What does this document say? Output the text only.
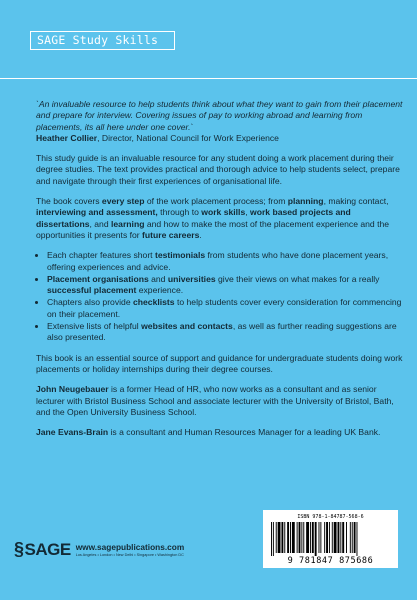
SAGE Study Skills
`An invaluable resource to help students think about what they want to gain from their placement and prepare for interview. Covering issues of pay to working abroad and learning from placements, its all here under one cover.`
Heather Collier, Director, National Council for Work Experience

This study guide is an invaluable resource for any student doing a work placement during their degree studies. The text provides practical and thorough advice to help students select, prepare and navigate through their first experiences of organisational life.

The book covers every step of the work placement process; from planning, making contact, interviewing and assessment, through to work skills, work based projects and dissertations, and learning and how to make the most of the placement experience and the opportunities it presents for future careers.

• Each chapter features short testimonials from students who have done placement years, offering experiences and advice.
• Placement organisations and universities give their views on what makes for a really successful placement experience.
• Chapters also provide checklists to help students cover every consideration for commencing on their placement.
• Extensive lists of helpful websites and contacts, as well as further reading suggestions are also presented.

This book is an essential source of support and guidance for undergraduate students doing work placements or holiday internships during their degree courses.

John Neugebauer is a former Head of HR, who now works as a consultant and as senior lecturer with Bristol Business School and associate lecturer with the University of Bristol, Bath, and the Open University Business School.

Jane Evans-Brain is a consultant and Human Resources Manager for a leading UK Bank.

§ SAGE www.sagepublications.com
Los Angeles • London • New Delhi • Singapore • Washington DC
ISBN 978-1-84787-568-6
9 781847 875686
